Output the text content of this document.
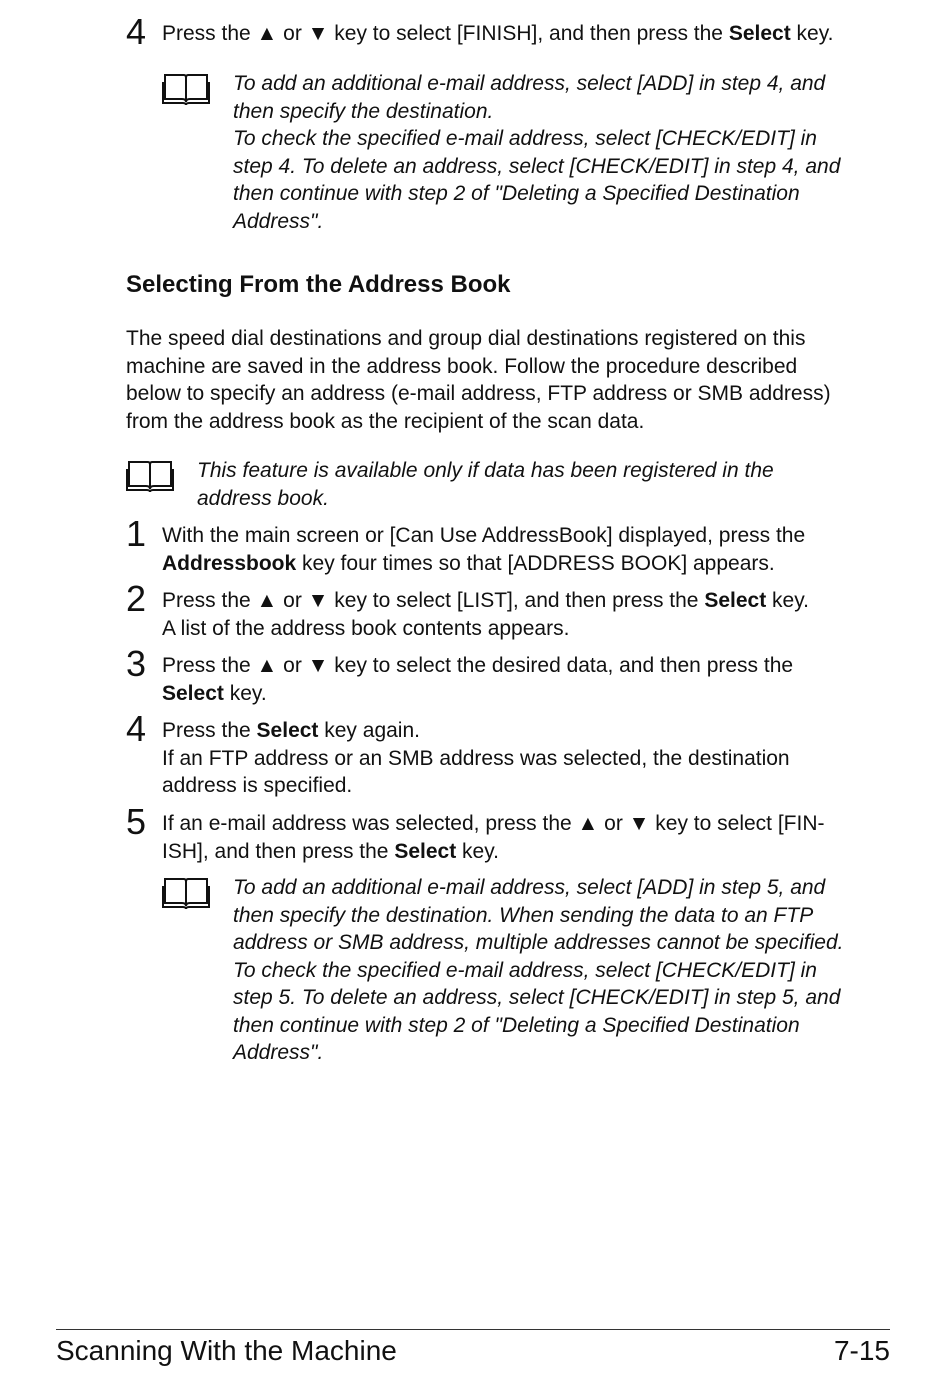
4 Press the ▲ or ▼ key to select [FINISH], and then press the Select key.
To add an additional e-mail address, select [ADD] in step 4, and
then specify the destination.
To check the specified e-mail address, select [CHECK/EDIT] in
step 4. To delete an address, select [CHECK/EDIT] in step 4, and
then continue with step 2 of "Deleting a Specified Destination
Address".
Selecting From the Address Book
The speed dial destinations and group dial destinations registered on this
machine are saved in the address book. Follow the procedure described
below to specify an address (e-mail address, FTP address or SMB address)
from the address book as the recipient of the scan data.
This feature is available only if data has been registered in the
address book.
1 With the main screen or [Can Use AddressBook] displayed, press the
Addressbook key four times so that [ADDRESS BOOK] appears.
2 Press the ▲ or ▼ key to select [LIST], and then press the Select key.
A list of the address book contents appears.
3 Press the ▲ or ▼ key to select the desired data, and then press the
Select key.
4 Press the Select key again.
If an FTP address or an SMB address was selected, the destination
address is specified.
5 If an e-mail address was selected, press the ▲ or ▼ key to select [FIN-
ISH], and then press the Select key.
To add an additional e-mail address, select [ADD] in step 5, and
then specify the destination. When sending the data to an FTP
address or SMB address, multiple addresses cannot be specified.
To check the specified e-mail address, select [CHECK/EDIT] in
step 5. To delete an address, select [CHECK/EDIT] in step 5, and
then continue with step 2 of "Deleting a Specified Destination
Address".
Scanning With the Machine	7-15
